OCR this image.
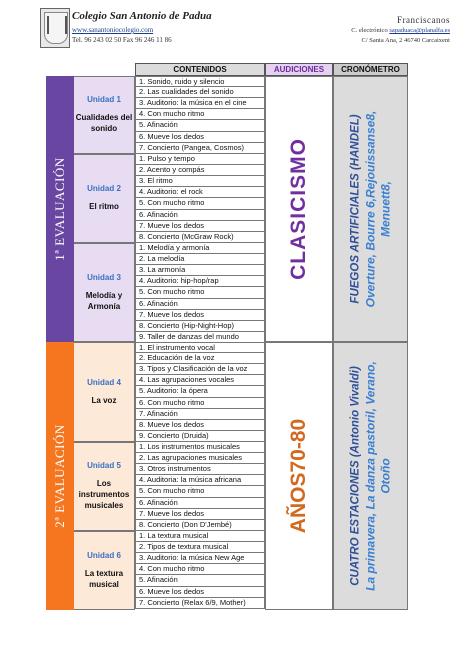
Colegio San Antonio de Padua
www.sanantoniocolegio.com
Tel. 96 243 02 50 Fax 96 246 11 86
Franciscanos
C. electrónico sapaduaca@planalfa.es
C/ Santa Ana, 2 46740 Carcaixent
CONTENIDOS	AUDICIONES	CRONÓMETRO
1ª EVALUACIÓN
Unidad 1
Cualidades del sonido
1. Sonido, ruido y silencio
2. Las cualidades del sonido
3. Auditorio: la música en el cine
4. Con mucho ritmo
5. Afinación
6. Mueve los dedos
7. Concierto (Pangea, Cosmos)
Unidad 2
El ritmo
1. Pulso y tempo
2. Acento y compás
3. El ritmo
4. Auditorio: el rock
5. Con mucho ritmo
6. Afinación
7. Mueve los dedos
8. Concierto (McGraw Rock)
Unidad 3
Melodía y Armonía
1. Melodía y armonía
2. La melodía
3. La armonía
4. Auditorio: hip-hop/rap
5. Con mucho ritmo
6. Afinación
7. Mueve los dedos
8. Concierto (Hip-Night-Hop)
9. Taller de danzas del mundo
CLASICISMO	FUEGOS ARTIFICIALES (HANDEL) Overture, Bourre 6,Rejouissanse8, Menuett8,
2ª EVALUACIÓN
Unidad 4
La voz
1. El instrumento vocal
2. Educación de la voz
3. Tipos y Clasificación de la voz
4. Las agrupaciones vocales
5. Auditorio: la ópera
6. Con mucho ritmo
7. Afinación
8. Mueve los dedos
9. Concierto (Druida)
Unidad 5
Los instrumentos musicales
1. Los instrumentos musicales
2. Las agrupaciones musicales
3. Otros instrumentos
4. Auditoria: la música africana
5. Con mucho ritmo
6. Afinación
7. Mueve los dedos
8. Concierto (Don D'Jembé)
Unidad 6
La textura musical
1. La textura musical
2. Tipos de textura musical
3. Auditorio: la música New Age
4. Con mucho ritmo
5. Afinación
6. Mueve los dedos
7. Concierto (Relax 6/9, Mother)
AÑOS70-80	CUATRO ESTACIONES (Antonio Vivaldi) La primavera, La danza pastoril, Verano, Otoño
